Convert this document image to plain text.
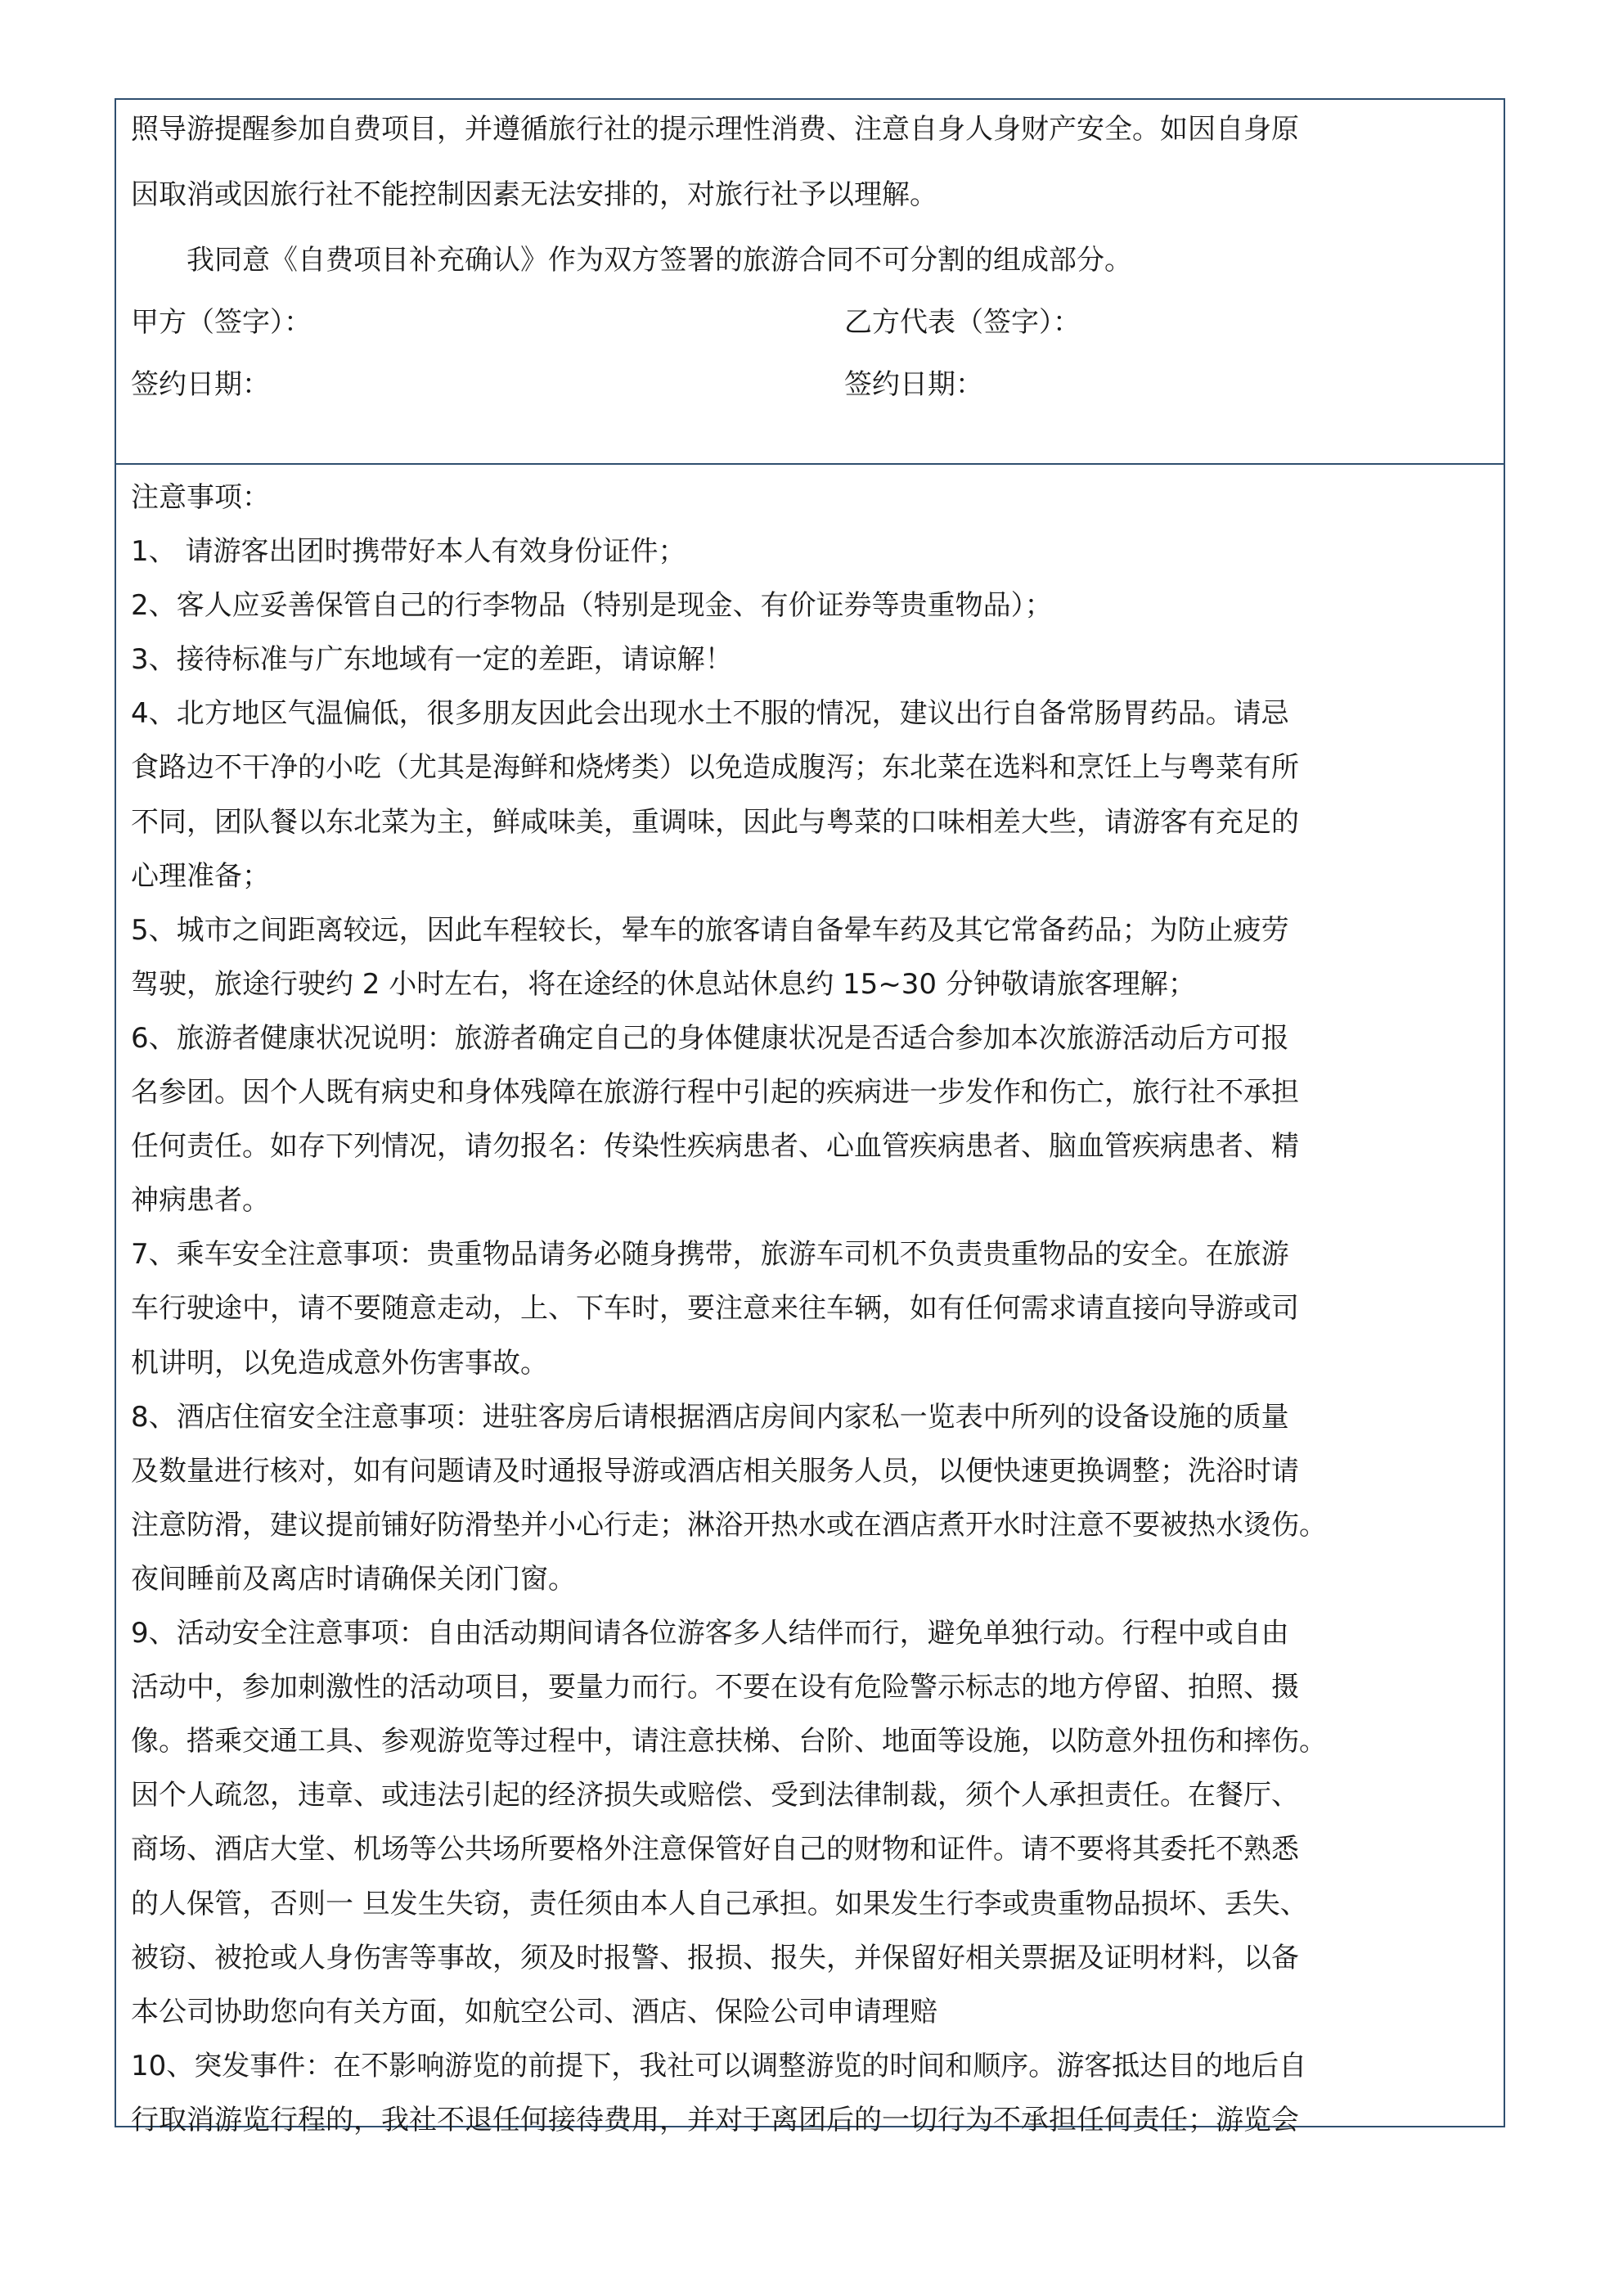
照导游提醒参加自费项目，并遵循旅行社的提示理性消费、注意自身人身财产安全。如因自身原
因取消或因旅行社不能控制因素无法安排的，对旅行社予以理解。
我同意《自费项目补充确认》作为双方签署的旅游合同不可分割的组成部分。
甲方（签字）：	乙方代表（签字）：
签约日期：	签约日期：
注意事项：
1、 请游客出团时携带好本人有效身份证件；
2、客人应妥善保管自己的行李物品（特别是现金、有价证券等贵重物品）；
3、接待标准与广东地域有一定的差距，请谅解！
4、北方地区气温偏低，很多朋友因此会出现水土不服的情况，建议出行自备常肠胃药品。请忌
食路边不干净的小吃（尤其是海鲜和烧烤类）以免造成腹泻；东北菜在选料和烹饪上与粤菜有所
不同，团队餐以东北菜为主，鲜咸味美，重调味，因此与粤菜的口味相差大些，请游客有充足的
心理准备；
5、城市之间距离较远，因此车程较长，晕车的旅客请自备晕车药及其它常备药品；为防止疲劳
驾驶，旅途行驶约 2 小时左右，将在途经的休息站休息约 15~30 分钟敬请旅客理解；
6、旅游者健康状况说明：旅游者确定自己的身体健康状况是否适合参加本次旅游活动后方可报
名参团。因个人既有病史和身体残障在旅游行程中引起的疾病进一步发作和伤亡，旅行社不承担
任何责任。如存下列情况，请勿报名：传染性疾病患者、心血管疾病患者、脑血管疾病患者、精
神病患者。
7、乘车安全注意事项：贵重物品请务必随身携带，旅游车司机不负责贵重物品的安全。在旅游
车行驶途中，请不要随意走动，上、下车时，要注意来往车辆，如有任何需求请直接向导游或司
机讲明，以免造成意外伤害事故。
8、酒店住宿安全注意事项：进驻客房后请根据酒店房间内家私一览表中所列的设备设施的质量
及数量进行核对，如有问题请及时通报导游或酒店相关服务人员，以便快速更换调整；洗浴时请
注意防滑，建议提前铺好防滑垫并小心行走；淋浴开热水或在酒店煮开水时注意不要被热水烫伤。
夜间睡前及离店时请确保关闭门窗。
9、活动安全注意事项：自由活动期间请各位游客多人结伴而行，避免单独行动。行程中或自由
活动中，参加刺激性的活动项目，要量力而行。不要在设有危险警示标志的地方停留、拍照、摄
像。搭乘交通工具、参观游览等过程中，请注意扶梯、台阶、地面等设施，以防意外扭伤和摔伤。
因个人疏忽，违章、或违法引起的经济损失或赔偿、受到法律制裁，须个人承担责任。在餐厅、
商场、酒店大堂、机场等公共场所要格外注意保管好自己的财物和证件。请不要将其委托不熟悉
的人保管，否则一 旦发生失窃，责任须由本人自己承担。如果发生行李或贵重物品损坏、丢失、
被窃、被抢或人身伤害等事故，须及时报警、报损、报失，并保留好相关票据及证明材料，以备
本公司协助您向有关方面，如航空公司、酒店、保险公司申请理赔
10、突发事件：在不影响游览的前提下，我社可以调整游览的时间和顺序。游客抵达目的地后自
行取消游览行程的，我社不退任何接待费用，并对于离团后的一切行为不承担任何责任；游览会
